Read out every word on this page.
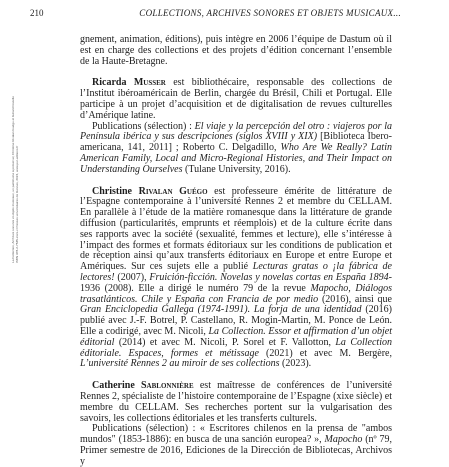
210	COLLECTIONS, ARCHIVES SONORES ET OBJETS MUSICAUX...
La Collection, Archives sonores et objets musicaux, un patrimoine à préserver, Christine Rivalan Guégo et Gérard Rozelle ISBN 978-2-7535-xxxx-x Presses universitaires de Rennes, 2024, www.pur-editions.fr

gnement, animation, éditions), puis intègre en 2006 l’équipe de Dastum où il est en charge des collections et des projets d’édition concernant l’ensemble de la Haute-Bretagne.

Ricarda Musser est bibliothécaire, responsable des collections de l’Institut ibéroaméricain de Berlin, chargée du Brésil, Chili et Portugal. Elle participe à un projet d’acquisition et de digitalisation de revues culturelles d’Amérique latine.

Publications (sélection) : El viaje y la percepción del otro : viajeros por la Península ibérica y sus descripciones (siglos XVIII y XIX) [Biblioteca Ibero-americana, 141, 2011] ; Roberto C. Delgadillo, Who Are We Really? Latin American Family, Local and Micro-Regional Histories, and Their Impact on Understanding Ourselves (Tulane University, 2016).

Christine Rivalan Guégo est professeure émérite de littérature de l’Espagne contemporaine à l’université Rennes 2 et membre du CELLAM. En parallèle à l’étude de la matière romanesque dans la littérature de grande diffusion (particularités, emprunts et réemplois) et de la culture écrite dans ses rapports avec la société (sexualité, femmes et lecture), elle s’intéresse à l’impact des formes et formats éditoriaux sur les conditions de publication et de réception ainsi qu’aux transferts éditoriaux en Europe et entre Europe et Amériques. Sur ces sujets elle a publié Lecturas gratas o ¡la fábrica de lectores! (2007), Fruición-ficción. Novelas y novelas cortas en España 1894-1936 (2008). Elle a dirigé le numéro 79 de la revue Mapocho, Diálogos trasatlánticos. Chile y España con Francia de por medio (2016), ainsi que Gran Enciclopedia Gallega (1974-1991). La forja de una identidad (2016) publié avec J.-F. Botrel, P. Castellano, R. Mogin-Martin, M. Ponce de León. Elle a codirigé, avec M. Nicoli, La Collection. Essor et affirmation d’un objet éditorial (2014) et avec M. Nicoli, P. Sorel et F. Vallotton, La Collection éditoriale. Espaces, formes et métissage (2021) et avec M. Bergère, L’université Rennes 2 au miroir de ses collections (2023).

Catherine Sablonnière est maîtresse de conférences de l’université Rennes 2, spécialiste de l’histoire contemporaine de l’Espagne (xixe siècle) et membre du CELLAM. Ses recherches portent sur la vulgarisation des savoirs, les collections éditoriales et les transferts culturels.

Publications (sélection) : « Escritores chilenos en la prensa de "ambos mundos" (1853-1886): en busca de una sanción europea? », Mapocho (nº 79, Primer semestre de 2016, Ediciones de la Dirección de Bibliotecas, Archivos y
